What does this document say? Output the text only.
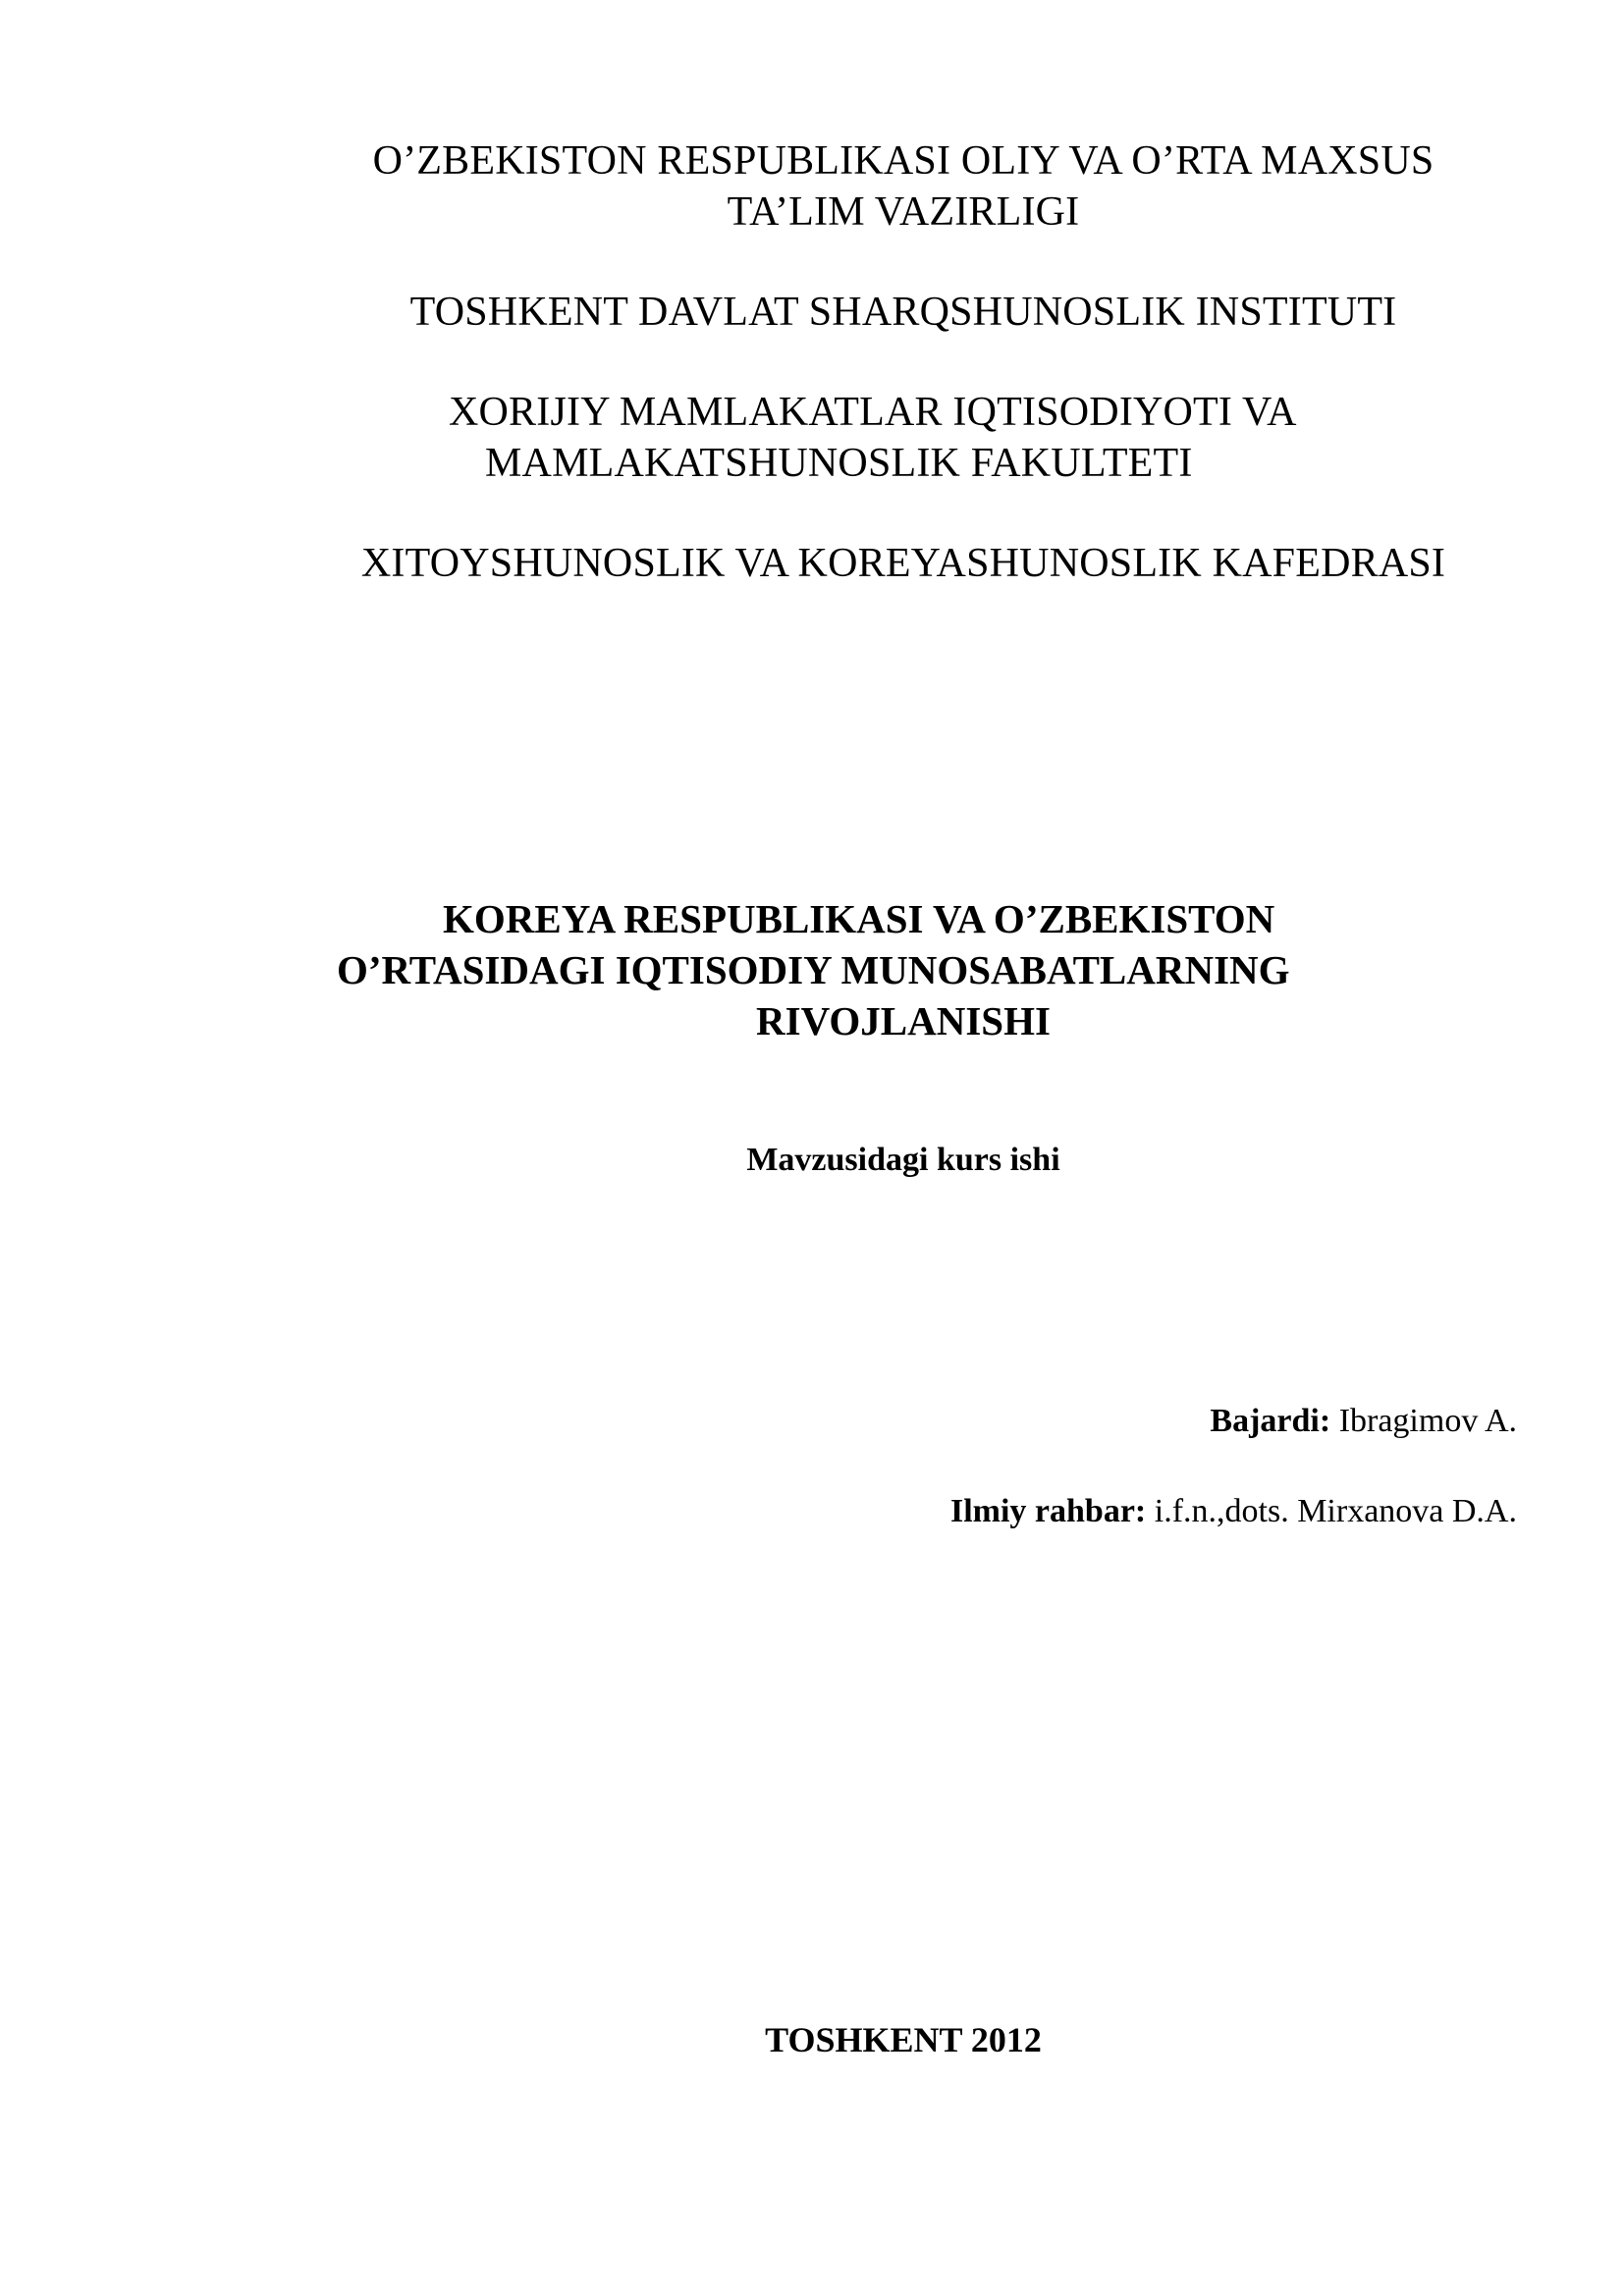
O’ZBEKISTON RESPUBLIKASI OLIY VA O’RTA MAXSUS
TA’LIM VAZIRLIGI
TOSHKENT DAVLAT SHARQSHUNOSLIK INSTITUTI
XORIJIY MAMLAKATLAR IQTISODIYOTI VA
MAMLAKATSHUNOSLIK FAKULTETI
XITOYSHUNOSLIK VA KOREYASHUNOSLIK KAFEDRASI
KOREYA RESPUBLIKASI VA O’ZBEKISTON
O’RTASIDAGI IQTISODIY MUNOSABATLARNING
RIVOJLANISHI
Mavzusidagi kurs ishi
Bajardi: Ibragimov A.
Ilmiy rahbar: i.f.n.,dots. Mirxanova D.A.
TOSHKENT 2012
